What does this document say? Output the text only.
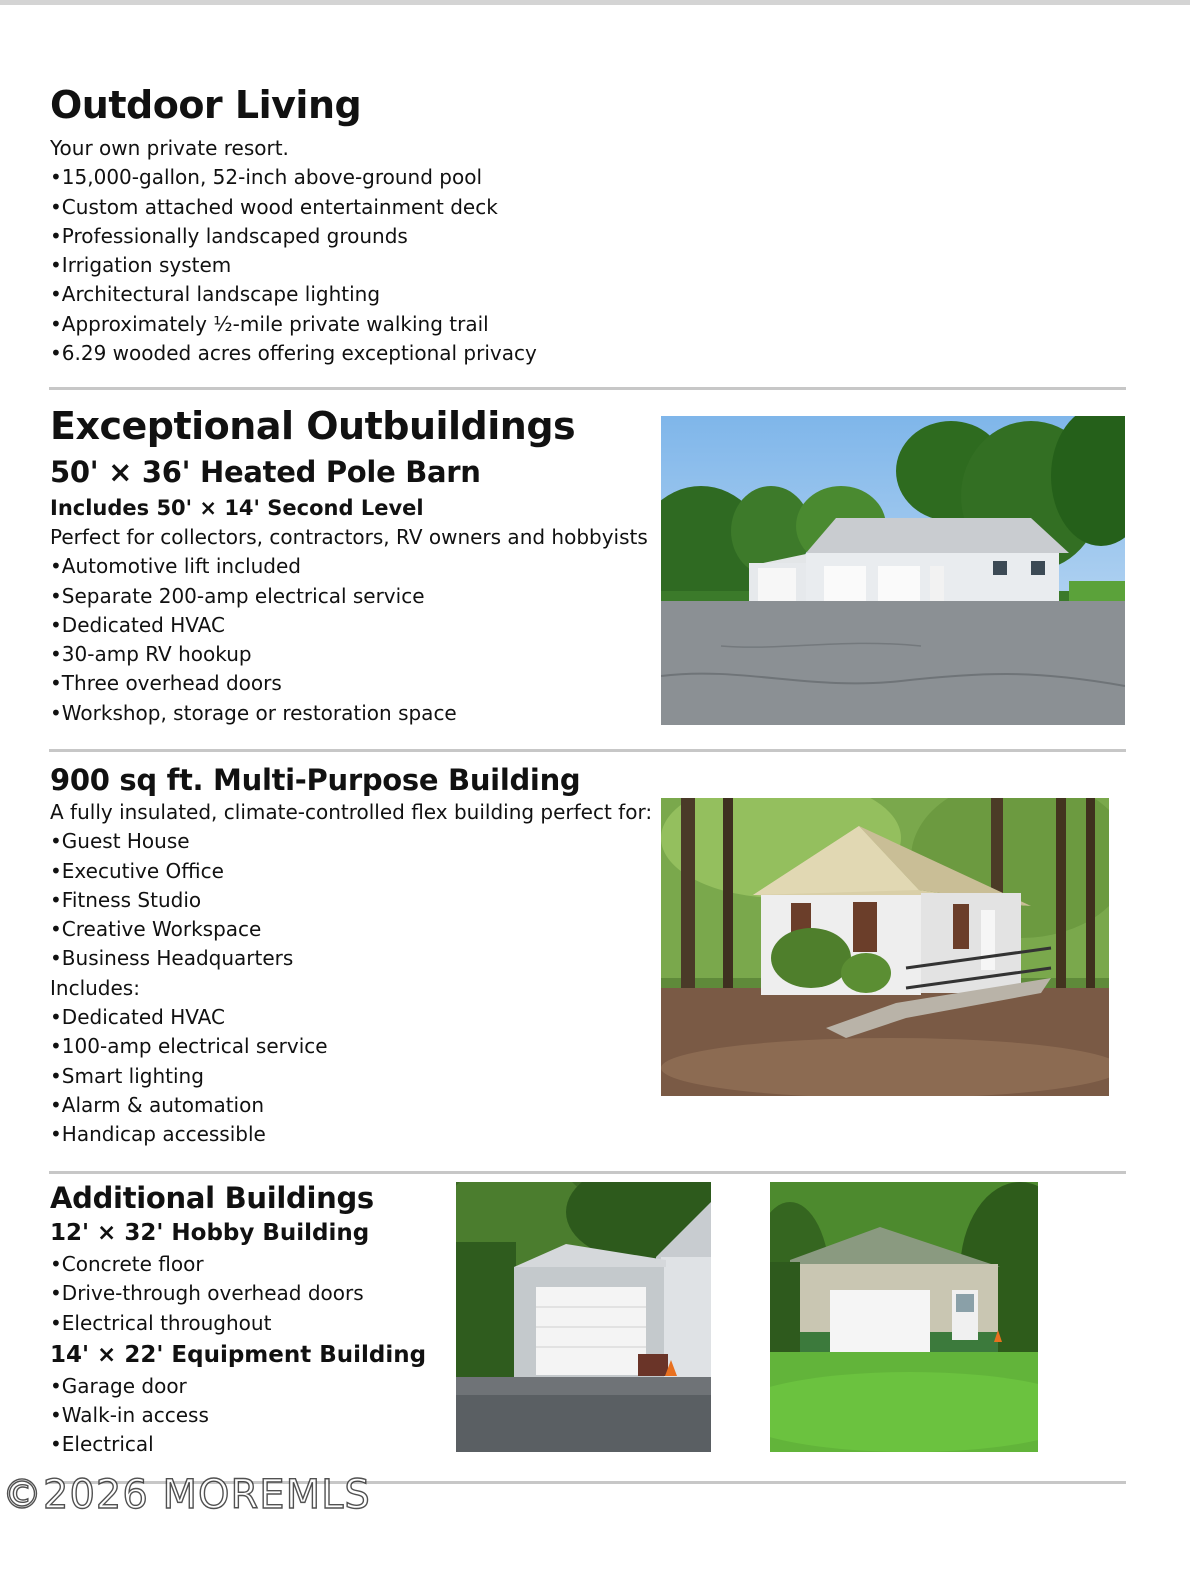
Outdoor Living
Your own private resort.
• 15,000-gallon, 52-inch above-ground pool
• Custom attached wood entertainment deck
• Professionally landscaped grounds
• Irrigation system
• Architectural landscape lighting
• Approximately ½-mile private walking trail
• 6.29 wooded acres offering exceptional privacy
Exceptional Outbuildings
50' × 36' Heated Pole Barn
Includes 50' × 14' Second Level
Perfect for collectors, contractors, RV owners and hobbyists
• Automotive lift included
• Separate 200-amp electrical service
• Dedicated HVAC
• 30-amp RV hookup
• Three overhead doors
• Workshop, storage or restoration space
900 sq ft. Multi-Purpose Building
A fully insulated, climate-controlled flex building perfect for:
• Guest House
• Executive Office
• Fitness Studio
• Creative Workspace
• Business Headquarters
Includes:
• Dedicated HVAC
• 100-amp electrical service
• Smart lighting
• Alarm & automation
• Handicap accessible
Additional Buildings
12' × 32' Hobby Building
• Concrete floor
• Drive-through overhead doors
• Electrical throughout
14' × 22' Equipment Building
• Garage door
• Walk-in access
• Electrical
©2026 MOREMLS
